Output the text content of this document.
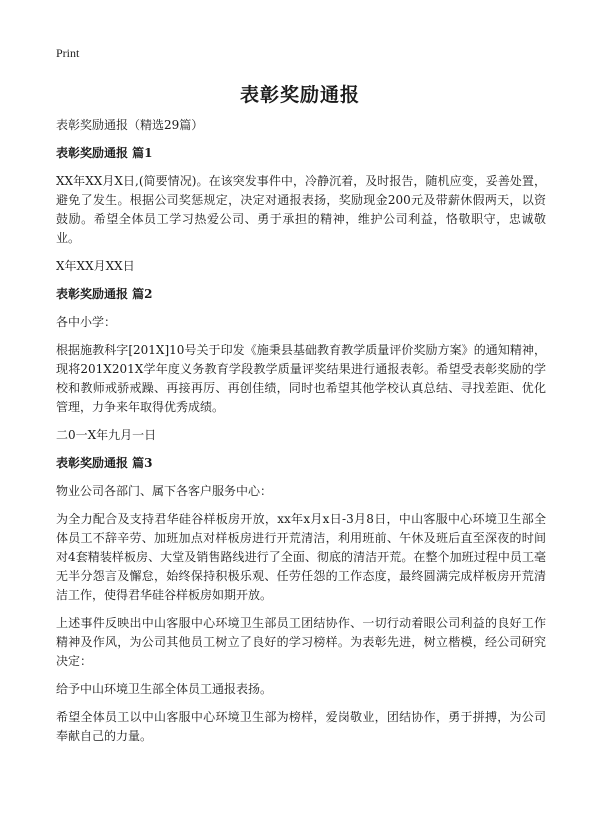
Print
表彰奖励通报

表彰奖励通报（精选29篇）

表彰奖励通报 篇1

XX年XX月X日,(简要情况)。在该突发事件中，冷静沉着，及时报告，随机应变，妥善处置，避免了发生。根据公司奖惩规定，决定对通报表扬，奖励现金200元及带薪休假两天，以资鼓励。希望全体员工学习热爱公司、勇于承担的精神，维护公司利益，恪敬职守，忠诚敬业。

X年XX月XX日

表彰奖励通报 篇2

各中小学：

根据施教科字[201X]10号关于印发《施秉县基础教育教学质量评价奖励方案》的通知精神，现将201X201X学年度义务教育学段教学质量评奖结果进行通报表彰。希望受表彰奖励的学校和教师戒骄戒躁、再接再厉、再创佳绩，同时也希望其他学校认真总结、寻找差距、优化管理，力争来年取得优秀成绩。

二0一X年九月一日

表彰奖励通报 篇3

物业公司各部门、属下各客户服务中心：

为全力配合及支持君华硅谷样板房开放，xx年x月x日-3月8日，中山客服中心环境卫生部全体员工不辞辛劳、加班加点对样板房进行开荒清洁，利用班前、午休及班后直至深夜的时间对4套精装样板房、大堂及销售路线进行了全面、彻底的清洁开荒。在整个加班过程中员工毫无半分怨言及懈怠，始终保持积极乐观、任劳任怨的工作态度，最终圆满完成样板房开荒清洁工作，使得君华硅谷样板房如期开放。

上述事件反映出中山客服中心环境卫生部员工团结协作、一切行动着眼公司利益的良好工作精神及作风，为公司其他员工树立了良好的学习榜样。为表彰先进，树立楷模，经公司研究决定：

给予中山环境卫生部全体员工通报表扬。

希望全体员工以中山客服中心环境卫生部为榜样，爱岗敬业，团结协作，勇于拼搏，为公司奉献自己的力量。
